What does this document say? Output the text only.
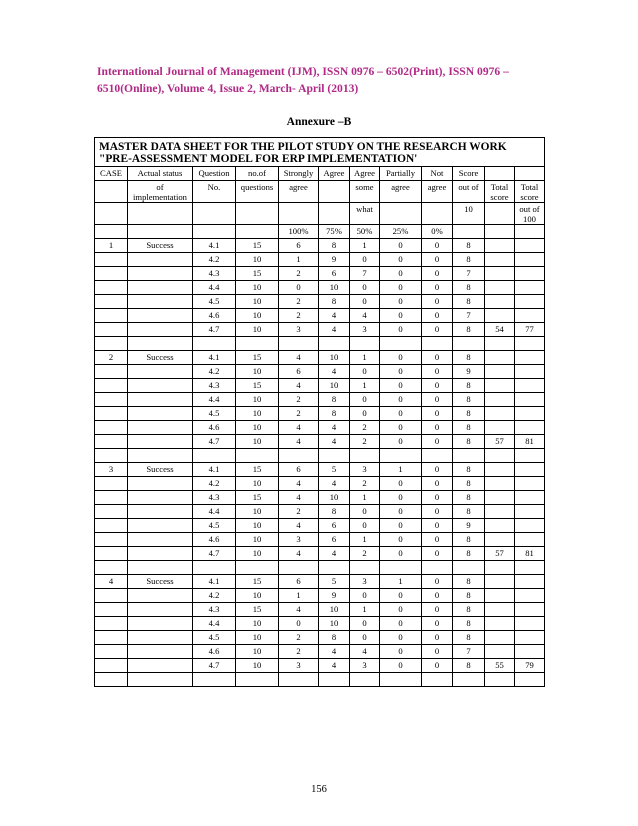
International Journal of Management (IJM), ISSN 0976 – 6502(Print), ISSN 0976 – 6510(Online), Volume 4, Issue 2, March- April (2013)
Annexure –B
MASTER DATA SHEET FOR THE PILOT STUDY ON THE RESEARCH WORK
"PRE-ASSESSMENT MODEL FOR ERP IMPLEMENTATION'											

CASE	Actual status	Question	no.of	Strongly	Agree	Agree	Partially	Not	Score		
	of implementation	No.	questions	agree		some	agree	agree	out of	Total score	Total score
						what			10		out of 100
				100%	75%	50%	25%	0%			
1	Success	4.1	15	6	8	1	0	0	8		
		4.2	10	1	9	0	0	0	8		
		4.3	15	2	6	7	0	0	7		
		4.4	10	0	10	0	0	0	8		
		4.5	10	2	8	0	0	0	8		
		4.6	10	2	4	4	0	0	7		
		4.7	10	3	4	3	0	0	8	54	77

2	Success	4.1	15	4	10	1	0	0	8		
		4.2	10	6	4	0	0	0	9		
		4.3	15	4	10	1	0	0	8		
		4.4	10	2	8	0	0	0	8		
		4.5	10	2	8	0	0	0	8		
		4.6	10	4	4	2	0	0	8		
		4.7	10	4	4	2	0	0	8	57	81

3	Success	4.1	15	6	5	3	1	0	8		
		4.2	10	4	4	2	0	0	8		
		4.3	15	4	10	1	0	0	8		
		4.4	10	2	8	0	0	0	8		
		4.5	10	4	6	0	0	0	9		
		4.6	10	3	6	1	0	0	8		
		4.7	10	4	4	2	0	0	8	57	81

4	Success	4.1	15	6	5	3	1	0	8		
		4.2	10	1	9	0	0	0	8		
		4.3	15	4	10	1	0	0	8		
		4.4	10	0	10	0	0	0	8		
		4.5	10	2	8	0	0	0	8		
		4.6	10	2	4	4	0	0	7		
		4.7	10	3	4	3	0	0	8	55	79

156
